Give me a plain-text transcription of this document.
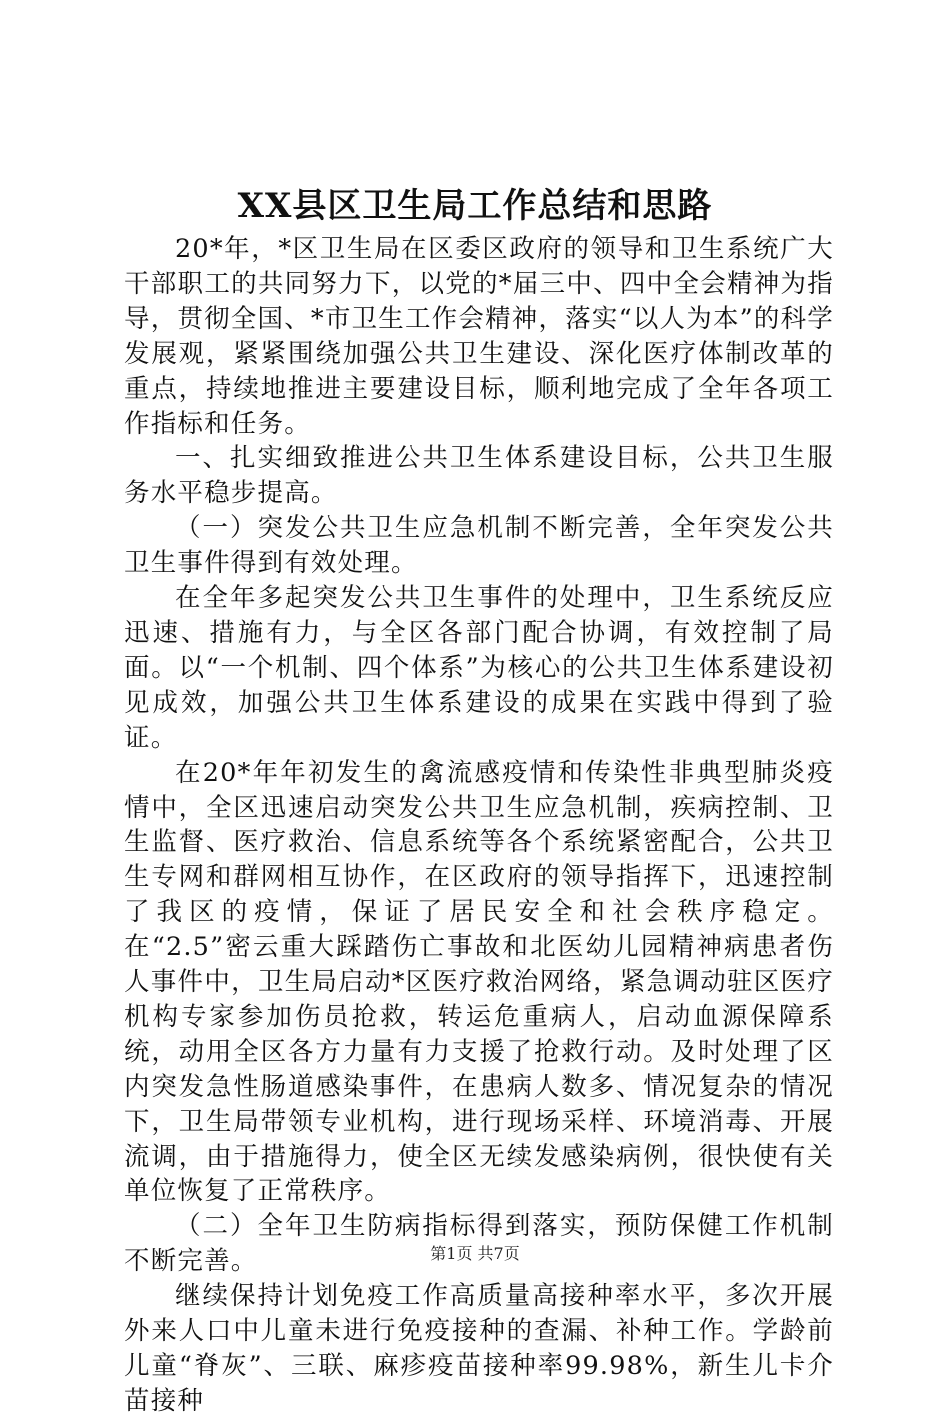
XX县区卫生局工作总结和思路

20*年，*区卫生局在区委区政府的领导和卫生系统广大干部职工的共同努力下，以党的*届三中、四中全会精神为指导，贯彻全国、*市卫生工作会精神，落实“以人为本”的科学发展观，紧紧围绕加强公共卫生建设、深化医疗体制改革的重点，持续地推进主要建设目标，顺利地完成了全年各项工作指标和任务。

一、扎实细致推进公共卫生体系建设目标，公共卫生服务水平稳步提高。

（一）突发公共卫生应急机制不断完善，全年突发公共卫生事件得到有效处理。

在全年多起突发公共卫生事件的处理中，卫生系统反应迅速、措施有力，与全区各部门配合协调，有效控制了局面。以“一个机制、四个体系”为核心的公共卫生体系建设初见成效，加强公共卫生体系建设的成果在实践中得到了验证。

在20*年年初发生的禽流感疫情和传染性非典型肺炎疫情中，全区迅速启动突发公共卫生应急机制，疾病控制、卫生监督、医疗救治、信息系统等各个系统紧密配合，公共卫生专网和群网相互协作，在区政府的领导指挥下，迅速控制了我区的疫情，保证了居民安全和社会秩序稳定。在“2.5”密云重大踩踏伤亡事故和北医幼儿园精神病患者伤人事件中，卫生局启动*区医疗救治网络，紧急调动驻区医疗机构专家参加伤员抢救，转运危重病人，启动血源保障系统，动用全区各方力量有力支援了抢救行动。及时处理了区内突发急性肠道感染事件，在患病人数多、情况复杂的情况下，卫生局带领专业机构，进行现场采样、环境消毒、开展流调，由于措施得力，使全区无续发感染病例，很快使有关单位恢复了正常秩序。

（二）全年卫生防病指标得到落实，预防保健工作机制不断完善。

继续保持计划免疫工作高质量高接种率水平，多次开展外来人口中儿童未进行免疫接种的查漏、补种工作。学龄前儿童“脊灰”、三联、麻疹疫苗接种率99.98%，新生儿卡介苗接种

第1页 共7页
